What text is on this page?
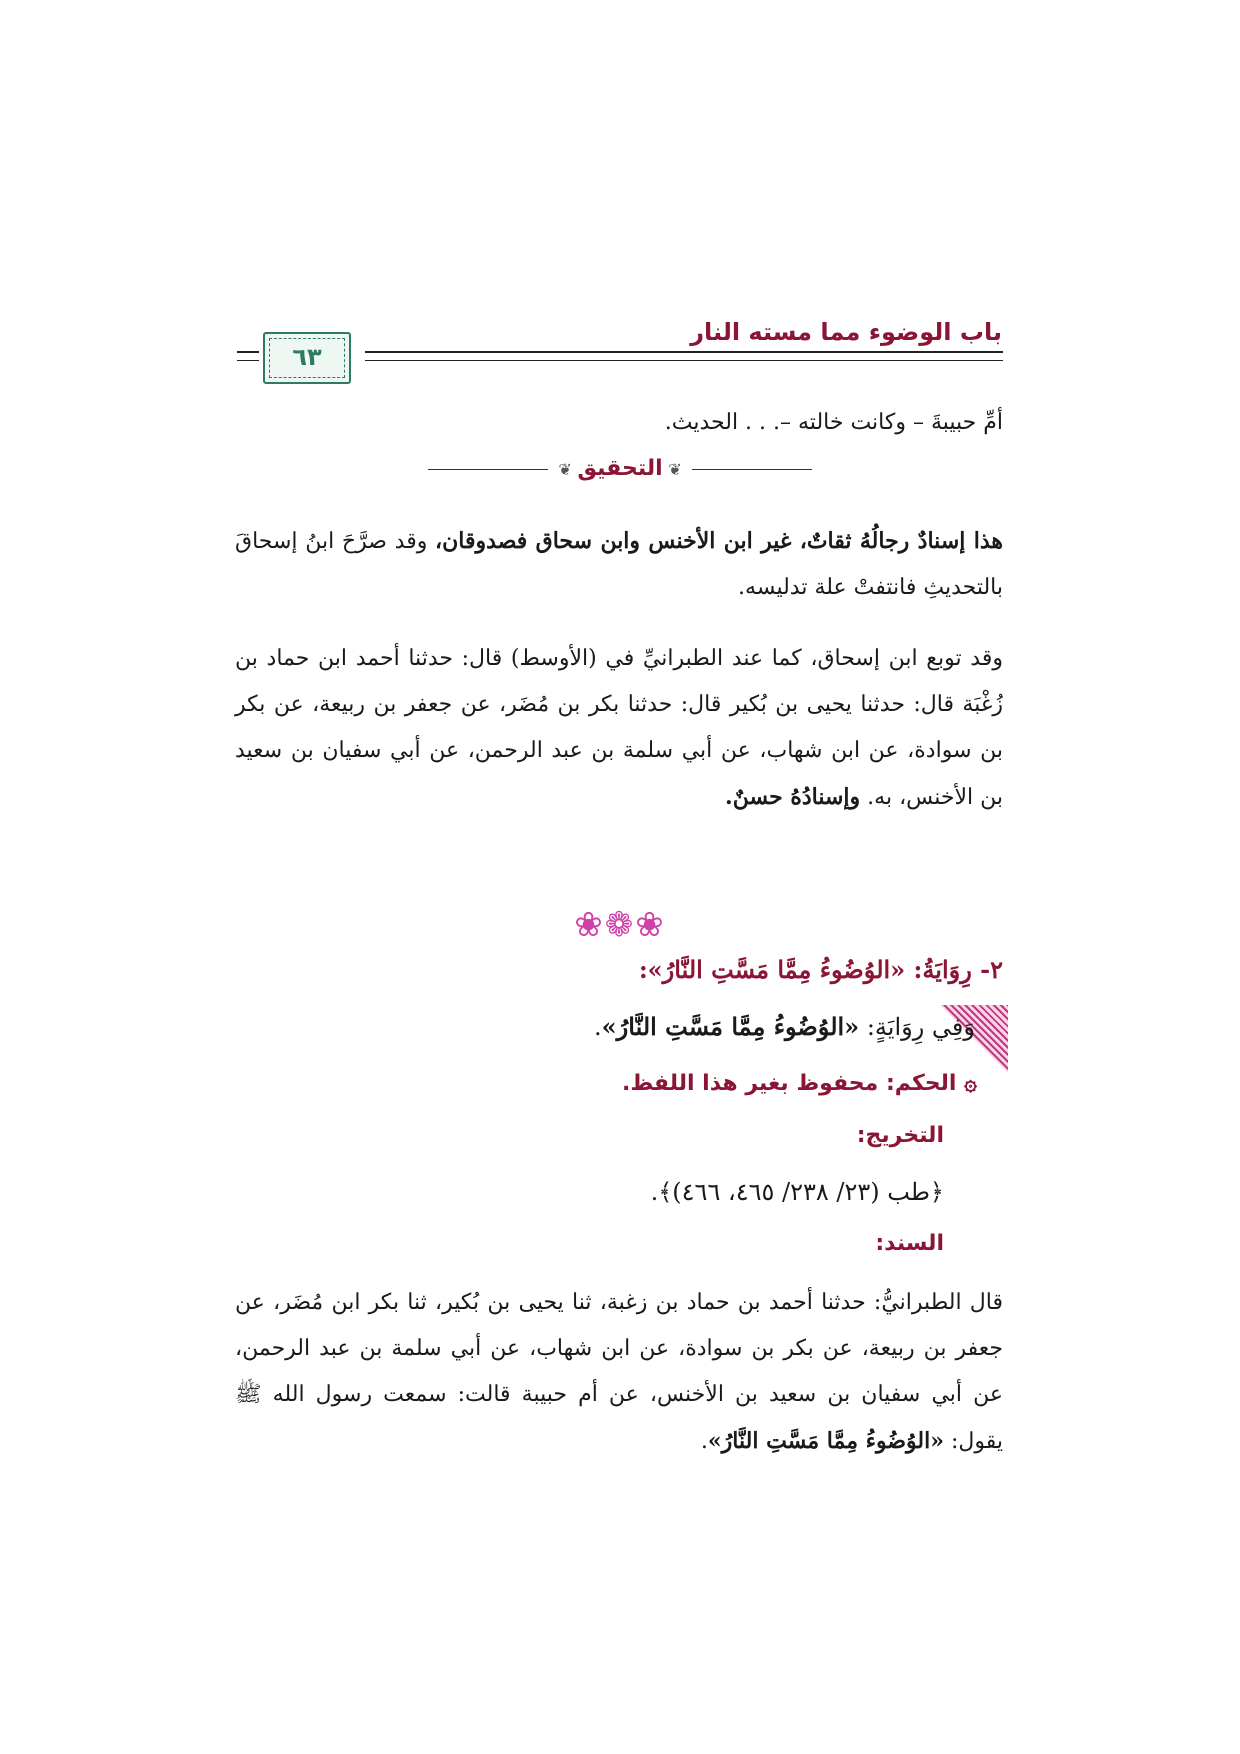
باب الوضوء مما مسته النار
٦٣
أمِّ حبيبةَ – وكانت خالته –. . . الحديث.
❦ التحقيق ❦
هذا إسنادٌ رجالُهُ ثقاتٌ، غير ابن الأخنس وابن سحاق فصدوقان، وقد صرَّحَ ابنُ إسحاقَ بالتحديثِ فانتفتْ علة تدليسه.
وقد توبع ابن إسحاق، كما عند الطبرانيِّ في (الأوسط) قال: حدثنا أحمد ابن حماد بن زُغْبَة قال: حدثنا يحيى بن بُكير قال: حدثنا بكر بن مُضَر، عن جعفر بن ربيعة، عن بكر بن سوادة، عن ابن شهاب، عن أبي سلمة بن عبد الرحمن، عن أبي سفيان بن سعيد بن الأخنس، به. وإسنادُهُ حسنٌ.
❀❁❀
٢- رِوَايَةُ: «الوُضُوءُ مِمَّا مَسَّتِ النَّارُ»:
وَفِي رِوَايَةٍ: «الوُضُوءُ مِمَّا مَسَّتِ النَّارُ».
۞ الحكم: محفوظ بغير هذا اللفظ.
التخريج:
﴿طب (٢٣/ ٢٣٨/ ٤٦٥، ٤٦٦)﴾.
السند:
قال الطبرانيُّ: حدثنا أحمد بن حماد بن زغبة، ثنا يحيى بن بُكير، ثنا بكر ابن مُضَر، عن جعفر بن ربيعة، عن بكر بن سوادة، عن ابن شهاب، عن أبي سلمة بن عبد الرحمن، عن أبي سفيان بن سعيد بن الأخنس، عن أم حبيبة قالت: سمعت رسول الله ﷺ يقول: «الوُضُوءُ مِمَّا مَسَّتِ النَّارُ».
